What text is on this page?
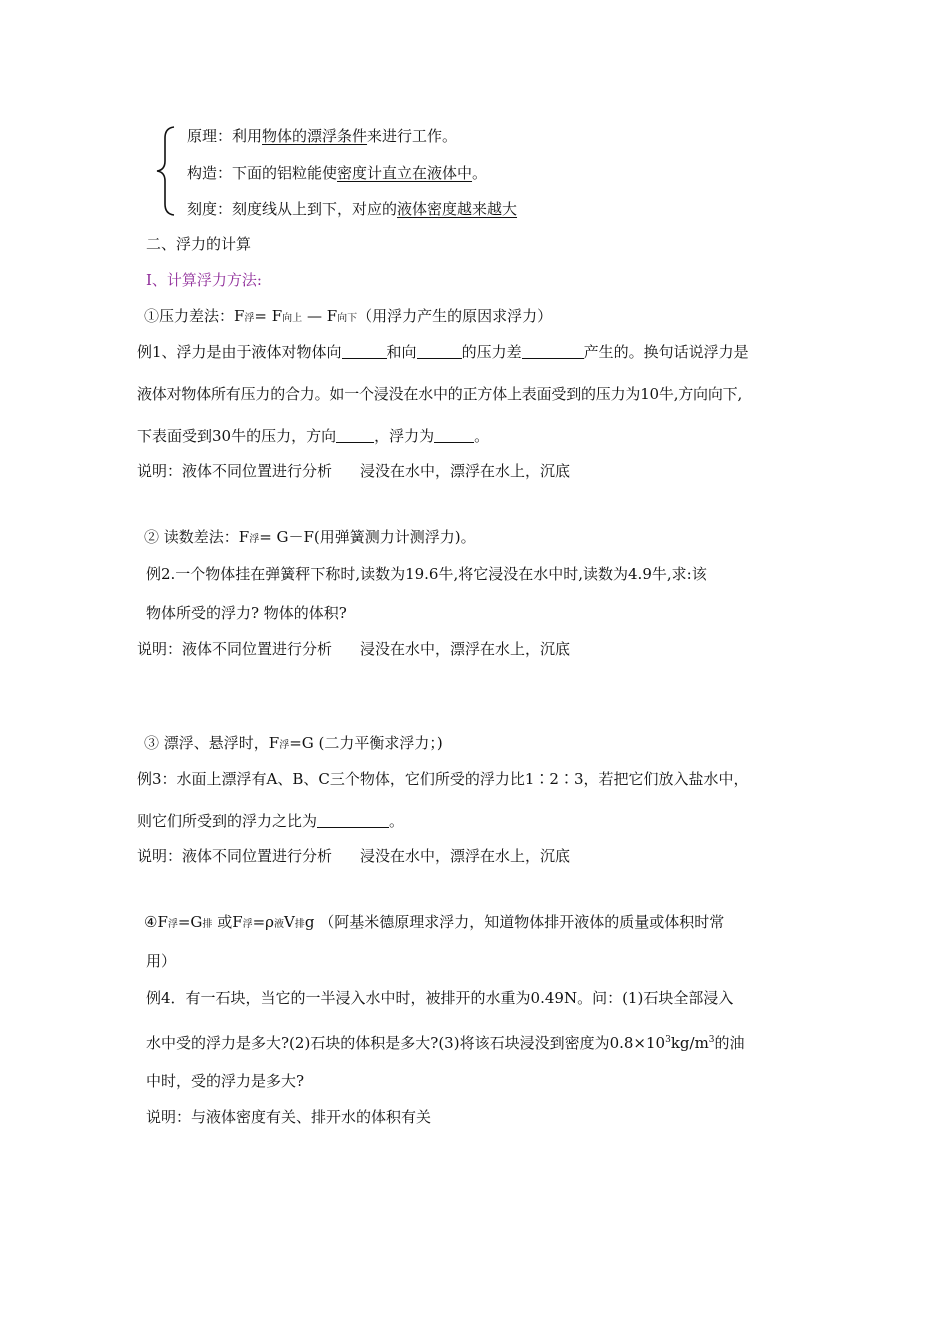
原理：利用物体的漂浮条件来进行工作。
构造：下面的铝粒能使密度计直立在液体中。
刻度：刻度线从上到下，对应的液体密度越来越大
二、浮力的计算
I、计算浮力方法:
①压力差法：F浮= F向上 — F向下（用浮力产生的原因求浮力）
例1、浮力是由于液体对物体向	和向	的压力差	产生的。换句话说浮力是
液体对物体所有压力的合力。如一个浸没在水中的正方体上表面受到的压力为10牛,方向向下,
下表面受到30牛的压力，方向	，浮力为	。
说明：液体不同位置进行分析 浸没在水中，漂浮在水上，沉底
② 读数差法：F浮= G－F(用弹簧测力计测浮力)。
例2.一个物体挂在弹簧秤下称时,读数为19.6牛,将它浸没在水中时,读数为4.9牛,求:该
物体所受的浮力? 物体的体积?
说明：液体不同位置进行分析 浸没在水中，漂浮在水上，沉底
③ 漂浮、悬浮时，F浮=G (二力平衡求浮力；)
例3：水面上漂浮有A、B、C三个物体，它们所受的浮力比1∶2∶3，若把它们放入盐水中，
则它们所受到的浮力之比为	。
说明：液体不同位置进行分析 浸没在水中，漂浮在水上，沉底
④F浮=G排 或F浮=ρ液V排g （阿基米德原理求浮力，知道物体排开液体的质量或体积时常
用）
例4．有一石块，当它的一半浸入水中时，被排开的水重为0.49N。问：(1)石块全部浸入
水中受的浮力是多大?(2)石块的体积是多大?(3)将该石块浸没到密度为$0.8\times 10^3kg/m^3$的油
中时，受的浮力是多大?
说明：与液体密度有关、排开水的体积有关
